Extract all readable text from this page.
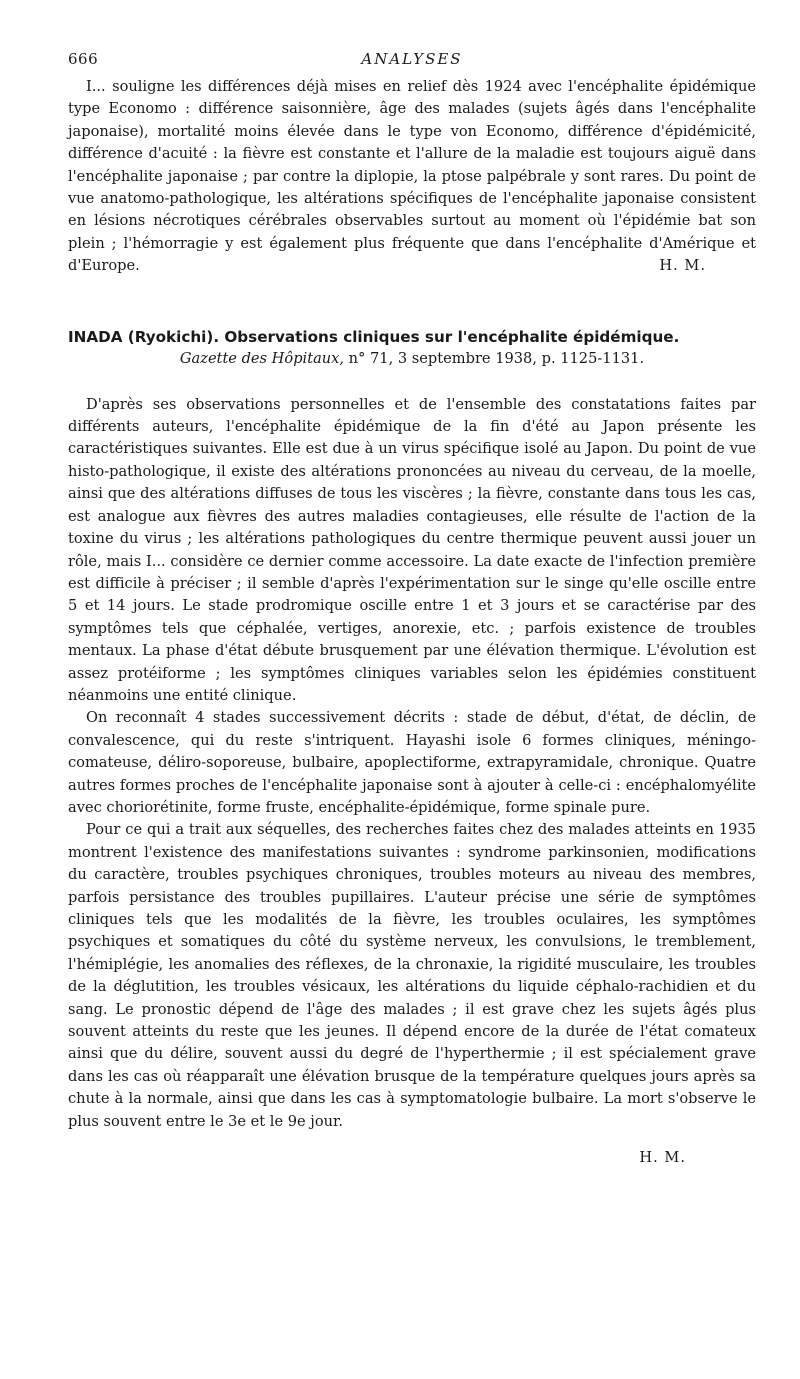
666	ANALYSES

I... souligne les différences déjà mises en relief dès 1924 avec l'encéphalite épidémique type Economo : différence saisonnière, âge des malades (sujets âgés dans l'encéphalite japonaise), mortalité moins élevée dans le type von Economo, différence d'épidémicité, différence d'acuité : la fièvre est constante et l'allure de la maladie est toujours aiguë dans l'encéphalite japonaise ; par contre la diplopie, la ptose palpébrale y sont rares. Du point de vue anatomo-pathologique, les altérations spécifiques de l'encéphalite japonaise consistent en lésions nécrotiques cérébrales observables surtout au moment où l'épidémie bat son plein ; l'hémorragie y est également plus fréquente que dans l'encéphalite d'Amérique et d'Europe.	H. M.
INADA (Ryokichi). Observations cliniques sur l'encéphalite épidémique.
Gazette des Hôpitaux, n° 71, 3 septembre 1938, p. 1125-1131.

D'après ses observations personnelles et de l'ensemble des constatations faites par différents auteurs, l'encéphalite épidémique de la fin d'été au Japon présente les caractéristiques suivantes. Elle est due à un virus spécifique isolé au Japon. Du point de vue histo-pathologique, il existe des altérations prononcées au niveau du cerveau, de la moelle, ainsi que des altérations diffuses de tous les viscères ; la fièvre, constante dans tous les cas, est analogue aux fièvres des autres maladies contagieuses, elle résulte de l'action de la toxine du virus ; les altérations pathologiques du centre thermique peuvent aussi jouer un rôle, mais I... considère ce dernier comme accessoire. La date exacte de l'infection première est difficile à préciser ; il semble d'après l'expérimentation sur le singe qu'elle oscille entre 5 et 14 jours. Le stade prodromique oscille entre 1 et 3 jours et se caractérise par des symptômes tels que céphalée, vertiges, anorexie, etc. ; parfois existence de troubles mentaux. La phase d'état débute brusquement par une élévation thermique. L'évolution est assez protéiforme ; les symptômes cliniques variables selon les épidémies constituent néanmoins une entité clinique.

On reconnaît 4 stades successivement décrits : stade de début, d'état, de déclin, de convalescence, qui du reste s'intriquent. Hayashi isole 6 formes cliniques, méningo-comateuse, déliro-soporeuse, bulbaire, apoplectiforme, extrapyramidale, chronique. Quatre autres formes proches de l'encéphalite japonaise sont à ajouter à celle-ci : encéphalomyélite avec choriorétinite, forme fruste, encéphalite-épidémique, forme spinale pure.

Pour ce qui a trait aux séquelles, des recherches faites chez des malades atteints en 1935 montrent l'existence des manifestations suivantes : syndrome parkinsonien, modifications du caractère, troubles psychiques chroniques, troubles moteurs au niveau des membres, parfois persistance des troubles pupillaires. L'auteur précise une série de symptômes cliniques tels que les modalités de la fièvre, les troubles oculaires, les symptômes psychiques et somatiques du côté du système nerveux, les convulsions, le tremblement, l'hémiplégie, les anomalies des réflexes, de la chronaxie, la rigidité musculaire, les troubles de la déglutition, les troubles vésicaux, les altérations du liquide céphalo-rachidien et du sang. Le pronostic dépend de l'âge des malades ; il est grave chez les sujets âgés plus souvent atteints du reste que les jeunes. Il dépend encore de la durée de l'état comateux ainsi que du délire, souvent aussi du degré de l'hyperthermie ; il est spécialement grave dans les cas où réapparaît une élévation brusque de la température quelques jours après sa chute à la normale, ainsi que dans les cas à symptomatologie bulbaire. La mort s'observe le plus souvent entre le 3e et le 9e jour.

H. M.
